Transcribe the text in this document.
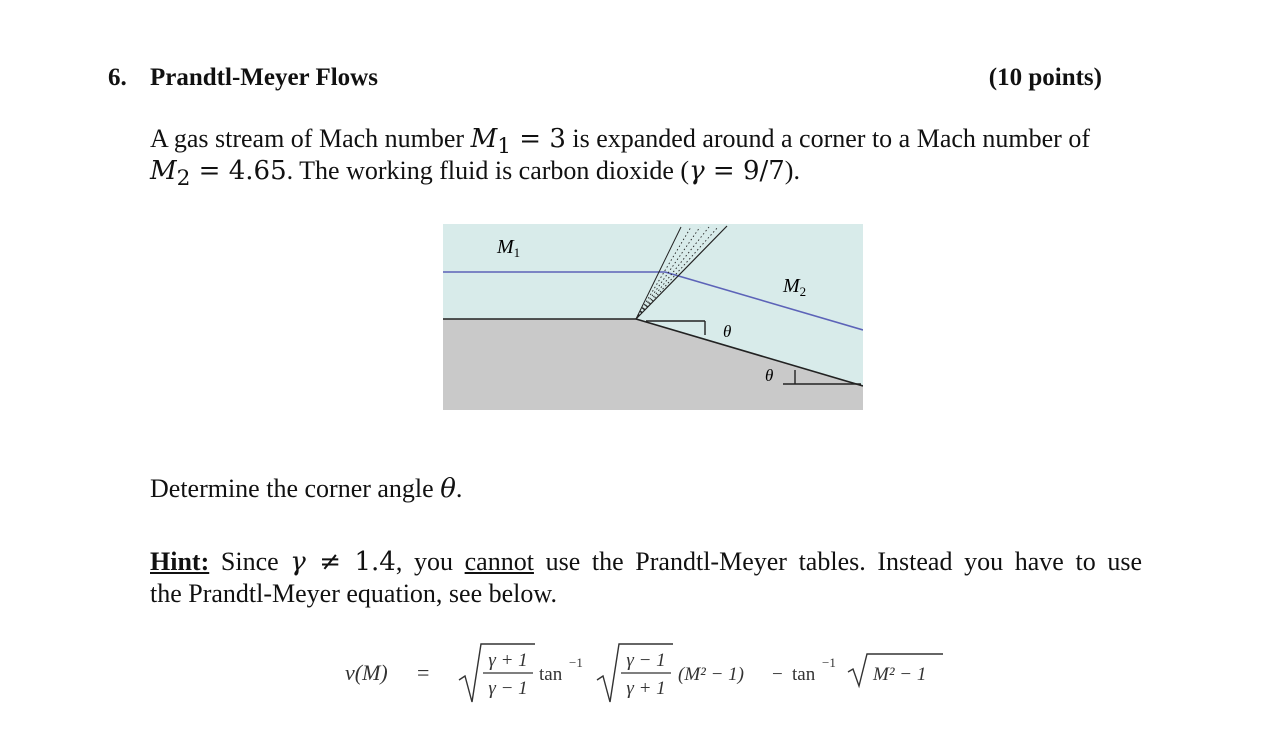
6. Prandtl-Meyer Flows	(10 points)
A gas stream of Mach number $M_1 = 3$ is expanded around a corner to a Mach number of
$M_2 = 4.65$. The working fluid is carbon dioxide (γ = 9/7).
$M_1$
$M_2$
θ
θ
Determine the corner angle θ.
Hint: Since γ ≠ 1.4, you cannot use the Prandtl-Meyer tables. Instead you have to use
the Prandtl-Meyer equation, see below.
ν(M) =	γ + 1
γ − 1
tan
−1 γ − 1
γ + 1
(M² − 1) − tan
−1
M² − 1
